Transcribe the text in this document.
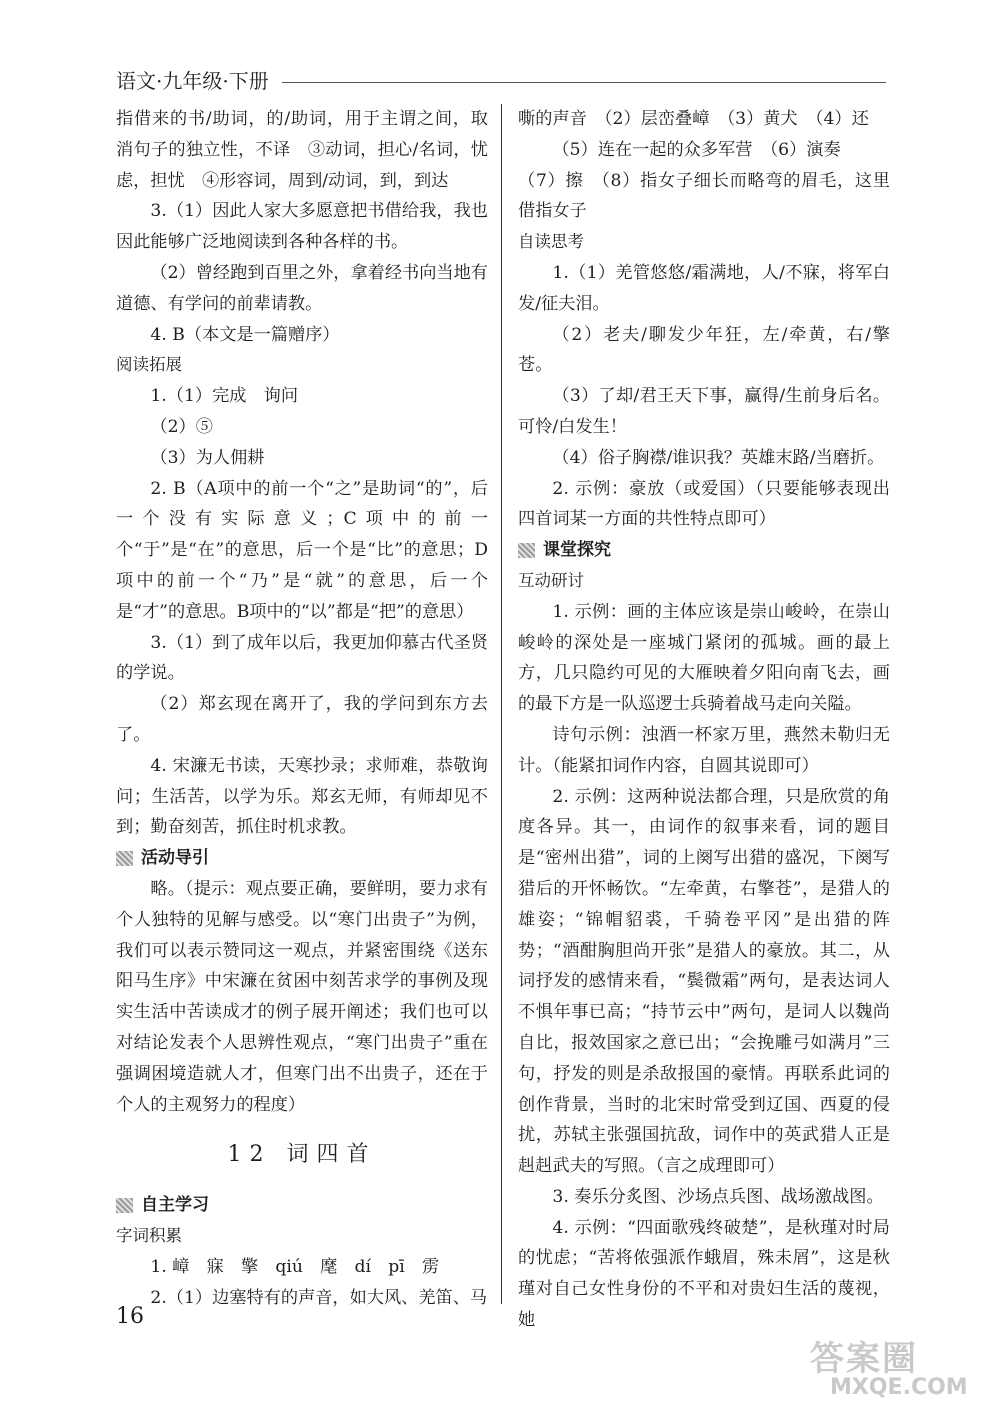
语文·九年级·下册

指借来的书/助词，的/助词，用于主谓之间，取消句子的独立性，不译　③动词，担心/名词，忧虑，担忧　④形容词，周到/动词，到，到达

3.（1）因此人家大多愿意把书借给我，我也因此能够广泛地阅读到各种各样的书。

（2）曾经跑到百里之外，拿着经书向当地有道德、有学问的前辈请教。

4. B（本文是一篇赠序）

阅读拓展

1.（1）完成　询问

（2）⑤

（3）为人佣耕

2. B（A项中的前一个“之”是助词“的”，后一个没有实际意义；C项中的前一个“于”是“在”的意思，后一个是“比”的意思；D项中的前一个“乃”是“就”的意思，后一个是“才”的意思。B项中的“以”都是“把”的意思）

3.（1）到了成年以后，我更加仰慕古代圣贤的学说。

（2）郑玄现在离开了，我的学问到东方去了。

4. 宋濂无书读，天寒抄录；求师难，恭敬询问；生活苦，以学为乐。郑玄无师，有师却见不到；勤奋刻苦，抓住时机求教。

活动导引

略。（提示：观点要正确，要鲜明，要力求有个人独特的见解与感受。以“寒门出贵子”为例，我们可以表示赞同这一观点，并紧密围绕《送东阳马生序》中宋濂在贫困中刻苦求学的事例及现实生活中苦读成才的例子展开阐述；我们也可以对结论发表个人思辨性观点，“寒门出贵子”重在强调困境造就人才，但寒门出不出贵子，还在于个人的主观努力的程度）

12 词四首

自主学习

字词积累

1. 嶂　寐　擎　qiú　麾　dí　pī　雳

2.（1）边塞特有的声音，如大风、羌笛、马

嘶的声音　（2）层峦叠嶂　（3）黄犬　（4）还

（5）连在一起的众多军营　（6）演奏

（7）擦　（8）指女子细长而略弯的眉毛，这里借指女子

自读思考

1.（1）羌管悠悠/霜满地，人/不寐，将军白发/征夫泪。

（2）老夫/聊发少年狂，左/牵黄，右/擎苍。

（3）了却/君王天下事，赢得/生前身后名。可怜/白发生！

（4）俗子胸襟/谁识我？英雄末路/当磨折。

2. 示例：豪放（或爱国）（只要能够表现出四首词某一方面的共性特点即可）

课堂探究

互动研讨

1. 示例：画的主体应该是崇山峻岭，在崇山峻岭的深处是一座城门紧闭的孤城。画的最上方，几只隐约可见的大雁映着夕阳向南飞去，画的最下方是一队巡逻士兵骑着战马走向关隘。

诗句示例：浊酒一杯家万里，燕然未勒归无计。（能紧扣词作内容，自圆其说即可）

2. 示例：这两种说法都合理，只是欣赏的角度各异。其一，由词作的叙事来看，词的题目是“密州出猎”，词的上阕写出猎的盛况，下阕写猎后的开怀畅饮。“左牵黄，右擎苍”，是猎人的雄姿；“锦帽貂裘，千骑卷平冈”是出猎的阵势；“酒酣胸胆尚开张”是猎人的豪放。其二，从词抒发的感情来看，“鬓微霜”两句，是表达词人不惧年事已高；“持节云中”两句，是词人以魏尚自比，报效国家之意已出；“会挽雕弓如满月”三句，抒发的则是杀敌报国的豪情。再联系此词的创作背景，当时的北宋时常受到辽国、西夏的侵扰，苏轼主张强国抗敌，词作中的英武猎人正是赳赳武夫的写照。（言之成理即可）

3. 奏乐分炙图、沙场点兵图、战场激战图。

4. 示例：“四面歌残终破楚”，是秋瑾对时局的忧虑；“苦将侬强派作蛾眉，殊未屑”，这是秋瑾对自己女性身份的不平和对贵妇生活的蔑视，她

16
答案圈
MXQE.COM
